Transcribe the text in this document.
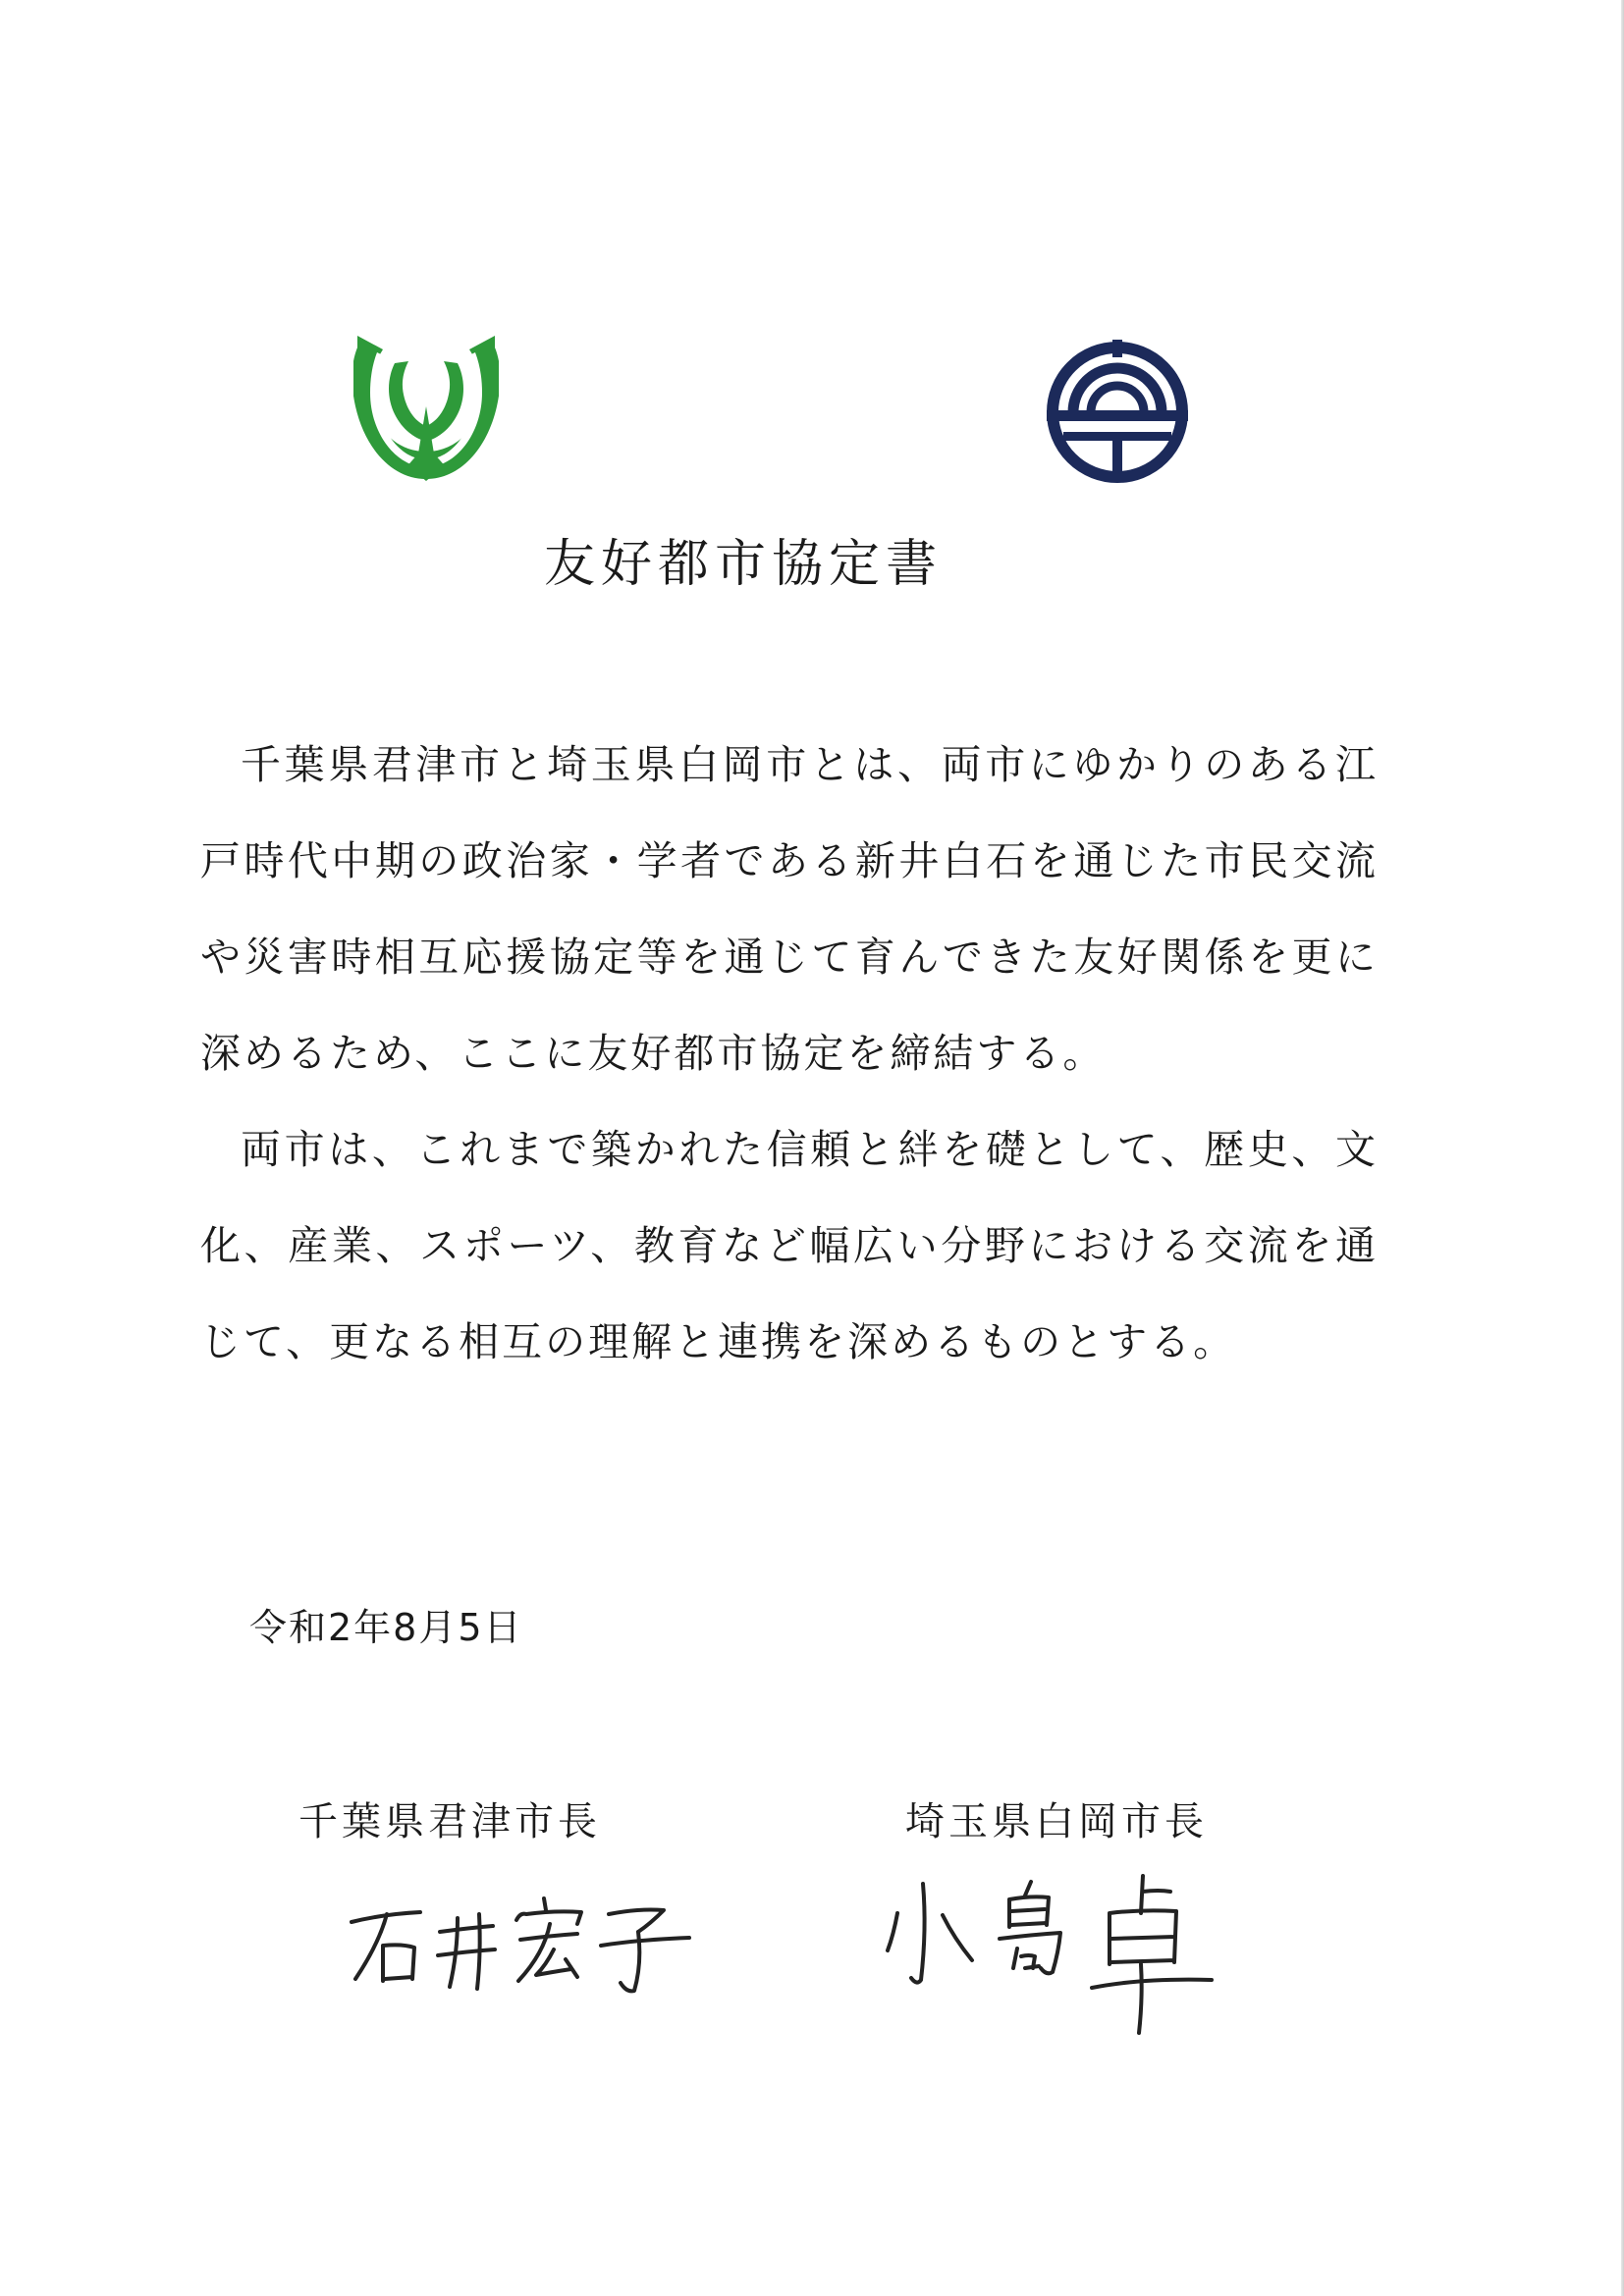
友好都市協定書

千葉県君津市と埼玉県白岡市とは、両市にゆかりのある江戸時代中期の政治家・学者である新井白石を通じた市民交流や災害時相互応援協定等を通じて育んできた友好関係を更に深めるため、ここに友好都市協定を締結する。

両市は、これまで築かれた信頼と絆を礎として、歴史、文化、産業、スポーツ、教育など幅広い分野における交流を通じて、更なる相互の理解と連携を深めるものとする。

令和2年8月5日
千葉県君津市長	埼玉県白岡市長
